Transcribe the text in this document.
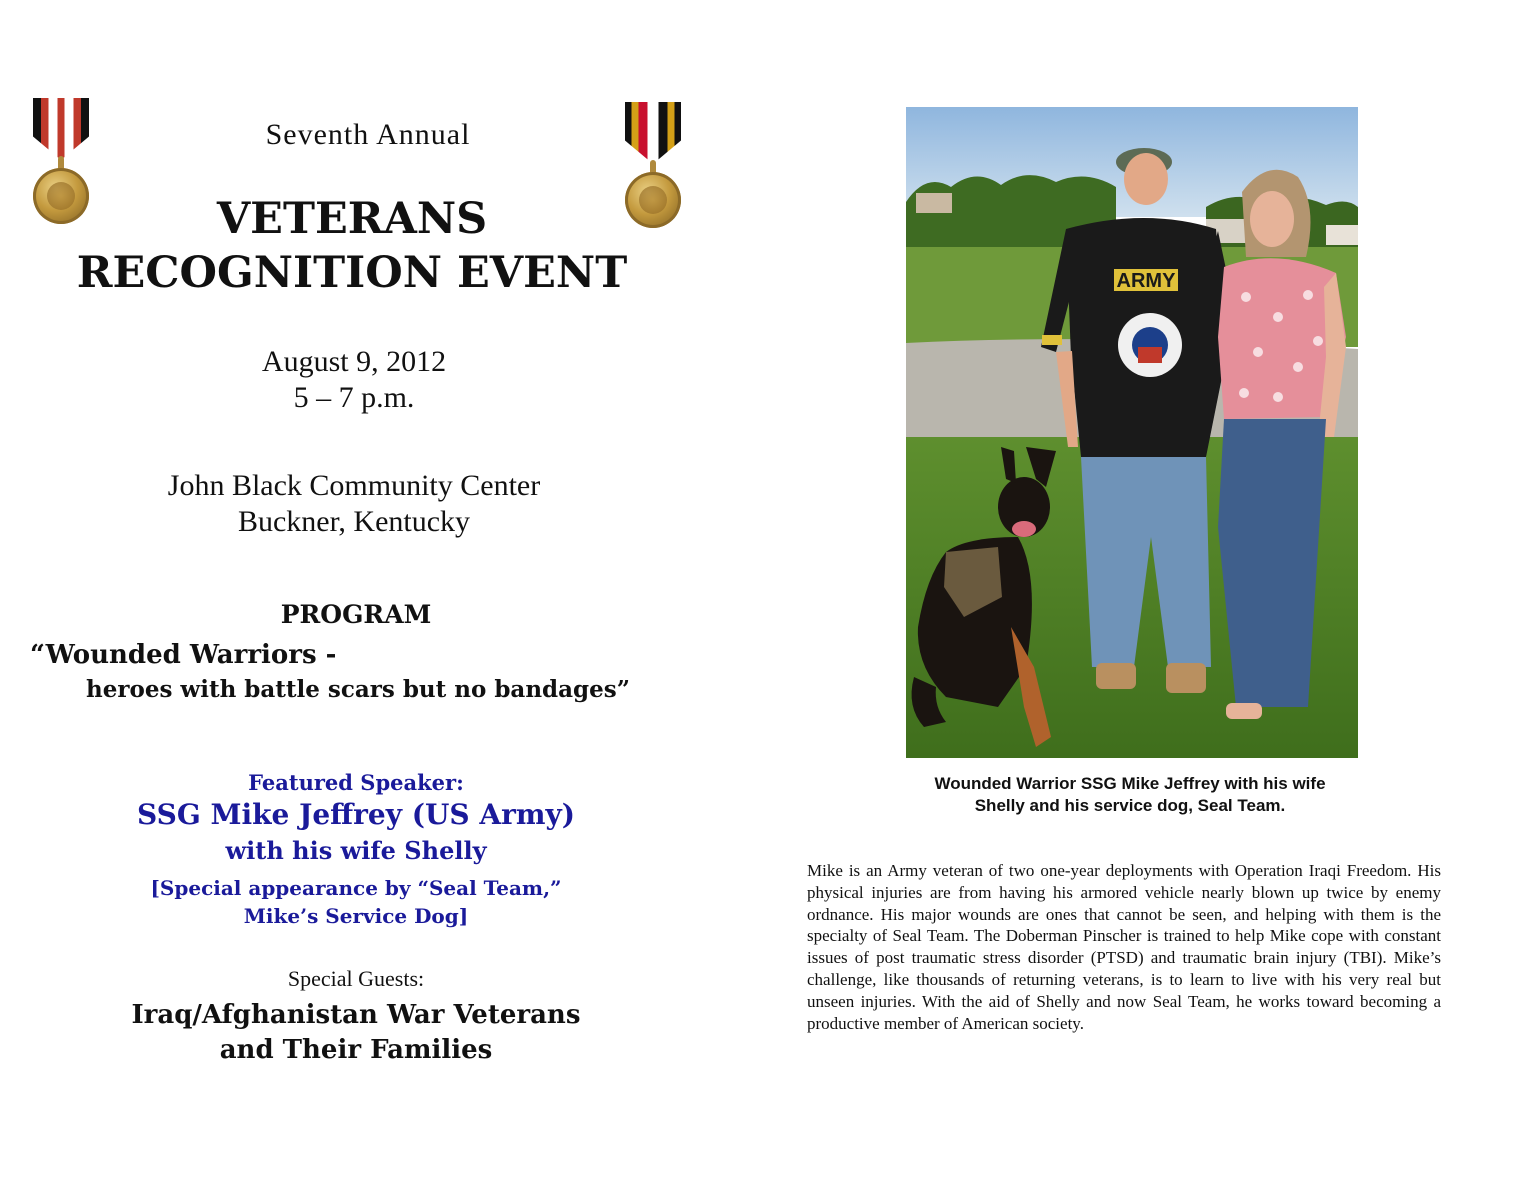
Seventh Annual
VETERANS
RECOGNITION EVENT
August 9, 2012
5 – 7 p.m.
John Black Community Center
Buckner, Kentucky
PROGRAM
“Wounded Warriors -
heroes with battle scars but no bandages”
Featured Speaker:
SSG Mike Jeffrey (US Army)
with his wife Shelly
[Special appearance by “Seal Team,”
Mike’s Service Dog]
Special Guests:
Iraq/Afghanistan War Veterans
and Their Families
ARMY
Wounded Warrior SSG Mike Jeffrey with his wife
Shelly and his service dog, Seal Team.
Mike is an Army veteran of two one-year deployments with Operation Iraqi Freedom. His physical injuries are from having his armored vehicle nearly blown up twice by enemy ordnance. His major wounds are ones that cannot be seen, and helping with them is the specialty of Seal Team. The Doberman Pinscher is trained to help Mike cope with constant issues of post traumatic stress disorder (PTSD) and traumatic brain injury (TBI). Mike’s challenge, like thousands of returning veterans, is to learn to live with his very real but unseen injuries. With the aid of Shelly and now Seal Team, he works toward becoming a productive member of American society.
